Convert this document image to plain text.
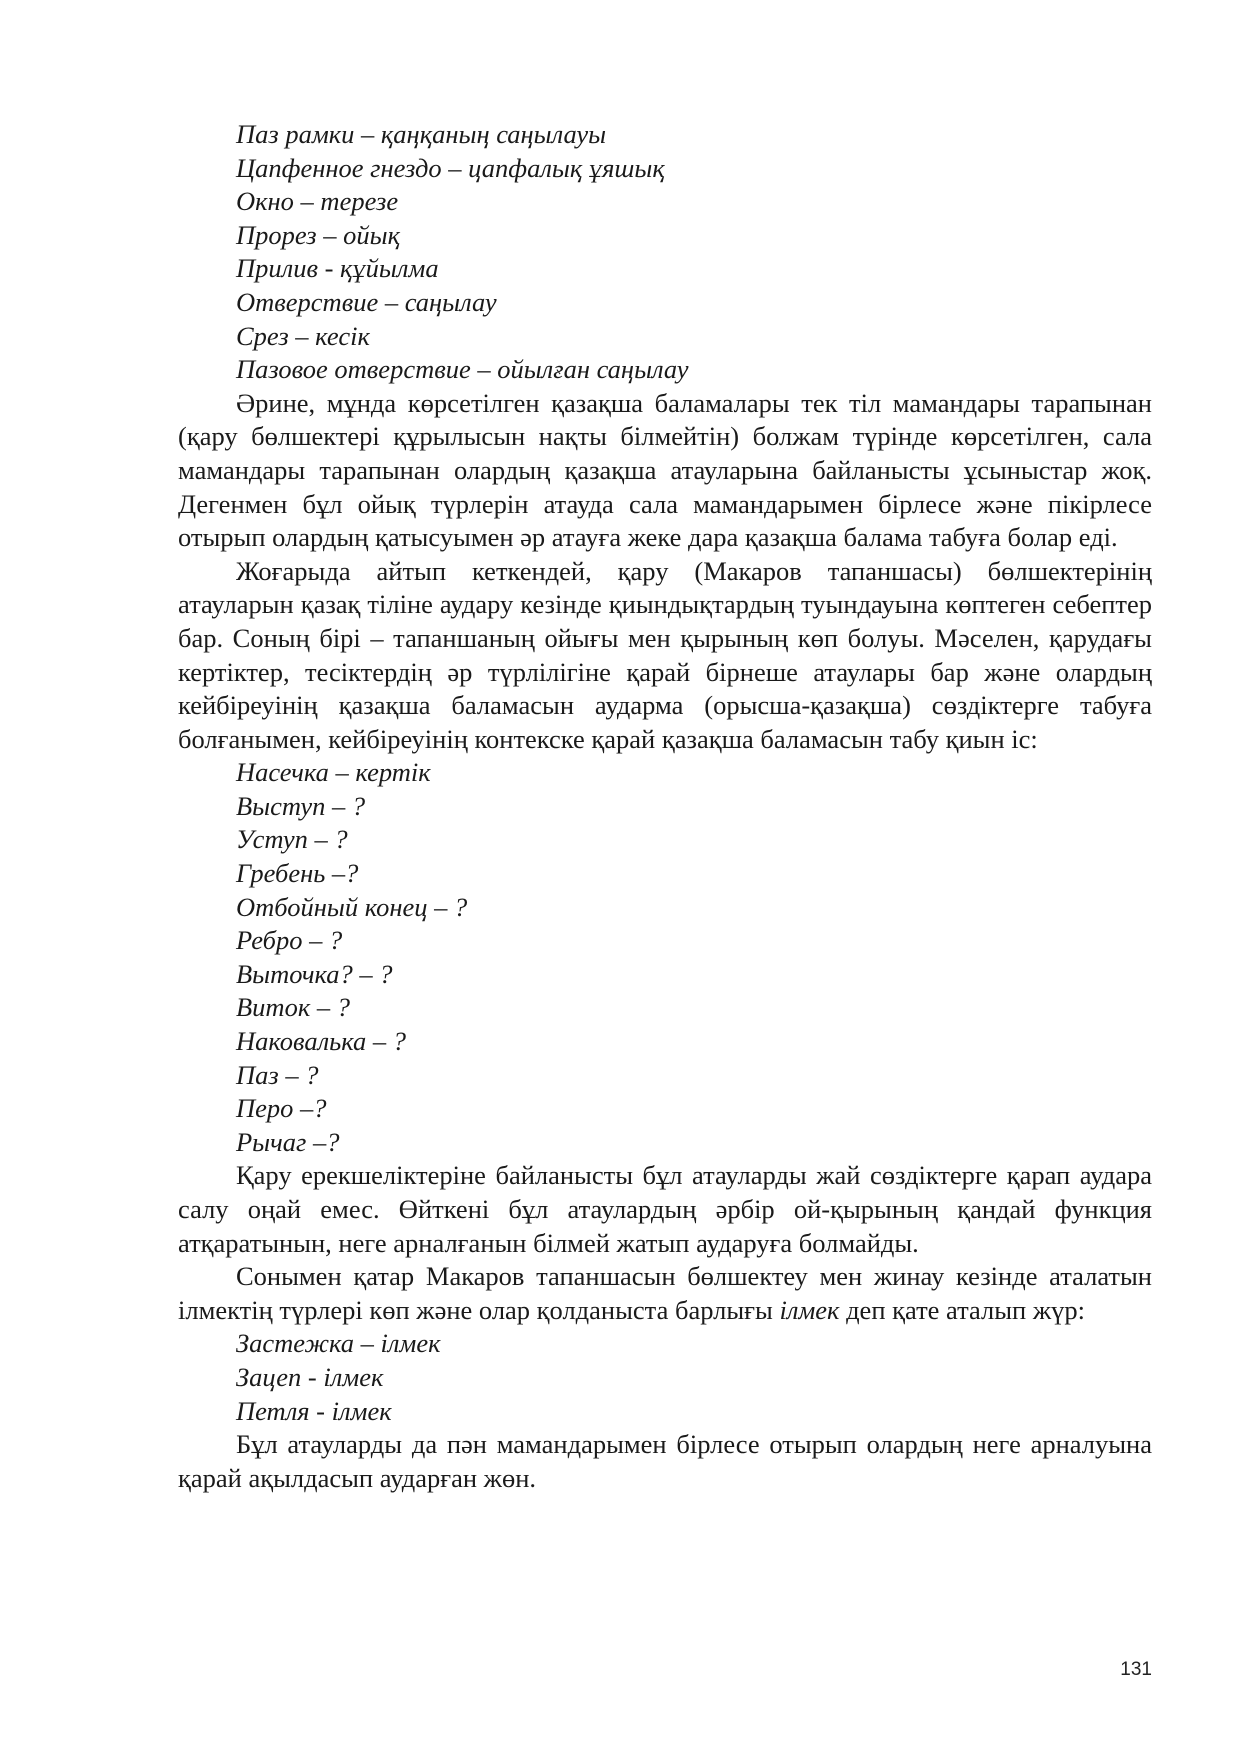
Паз рамки – қаңқаның саңылауы
Цапфенное гнездо – цапфалық ұяшық
Окно – терезе
Прорез – ойық
Прилив - құйылма
Отверствие – саңылау
Срез – кесік
Пазовое отверствие – ойылған саңылау

Әрине, мұнда көрсетілген қазақша баламалары тек тіл мамандары тарапынан (қару бөлшектері құрылысын нақты білмейтін) болжам түрінде көрсетілген, сала мамандары тарапынан олардың қазақша атауларына байланысты ұсыныстар жоқ. Дегенмен бұл ойық түрлерін атауда сала мамандарымен бірлесе және пікірлесе отырып олардың қатысуымен әр атауға жеке дара қазақша балама табуға болар еді.

Жоғарыда айтып кеткендей, қару (Макаров тапаншасы) бөлшектерінің атауларын қазақ тіліне аудару кезінде қиындықтардың туындауына көптеген себептер бар. Соның бірі – тапаншаның ойығы мен қырының көп болуы. Мәселен, қарудағы кертіктер, тесіктердің әр түрлілігіне қарай бірнеше атаулары бар және олардың кейбіреуінің қазақша баламасын аударма (орысша-қазақша) сөздіктерге табуға болғанымен, кейбіреуінің контекске қарай қазақша баламасын табу қиын іс:

Насечка – кертік
Выступ – ?
Уступ – ?
Гребень –?
Отбойный конец – ?
Ребро – ?
Выточка? – ?
Виток – ?
Наковалька – ?
Паз – ?
Перо –?
Рычаг –?

Қару ерекшеліктеріне байланысты бұл атауларды жай сөздіктерге қарап аудара салу оңай емес. Өйткені бұл атаулардың әрбір ой-қырының қандай функция атқаратынын, неге арналғанын білмей жатып аударуға болмайды.

Сонымен қатар Макаров тапаншасын бөлшектеу мен жинау кезінде аталатын ілмектің түрлері көп және олар қолданыста барлығы ілмек деп қате аталып жүр:

Застежка – ілмек
Зацеп - ілмек
Петля - ілмек

Бұл атауларды да пән мамандарымен бірлесе отырып олардың неге арналуына қарай ақылдасып аударған жөн.

131
